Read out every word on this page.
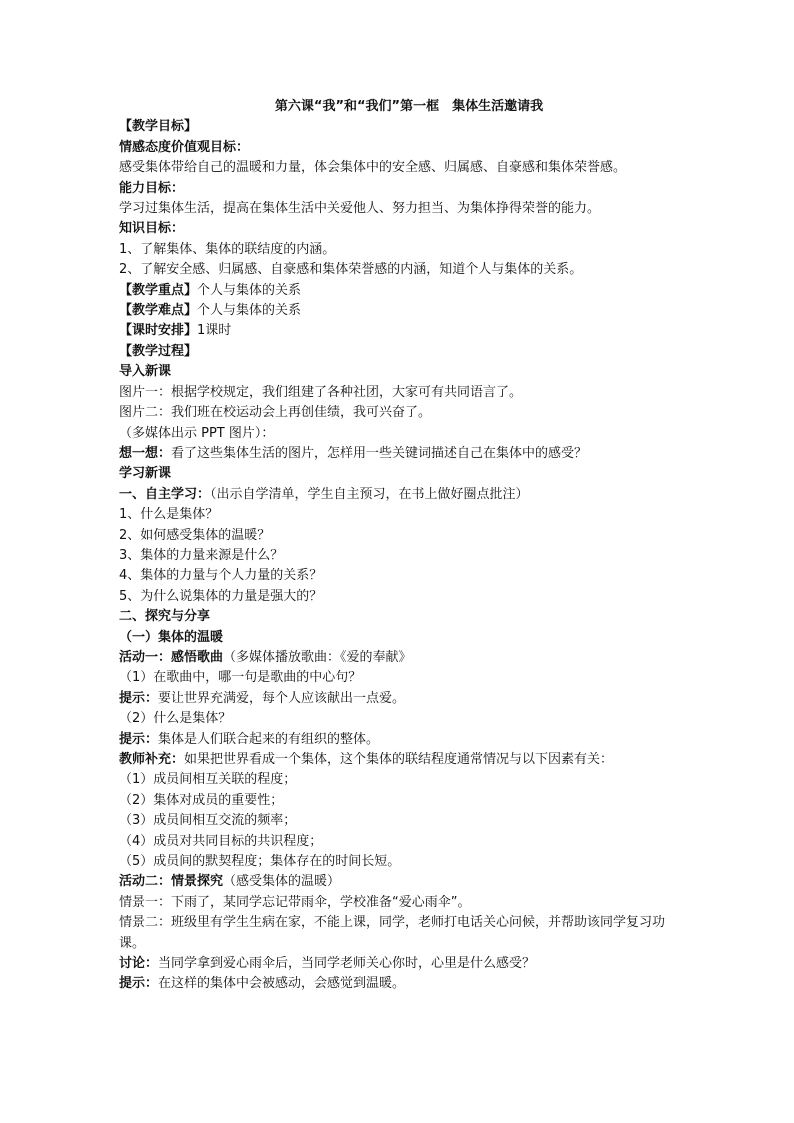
第六课“我”和“我们”第一框　集体生活邀请我
【教学目标】
情感态度价值观目标：
感受集体带给自己的温暖和力量，体会集体中的安全感、归属感、自豪感和集体荣誉感。
能力目标：
学习过集体生活，提高在集体生活中关爱他人、努力担当、为集体挣得荣誉的能力。
知识目标：
1、了解集体、集体的联结度的内涵。
2、了解安全感、归属感、自豪感和集体荣誉感的内涵，知道个人与集体的关系。
【教学重点】个人与集体的关系
【教学难点】个人与集体的关系
【课时安排】1课时
【教学过程】
导入新课
图片一：根据学校规定，我们组建了各种社团，大家可有共同语言了。
图片二：我们班在校运动会上再创佳绩，我可兴奋了。
（多媒体出示 PPT 图片）：
想一想：看了这些集体生活的图片，怎样用一些关键词描述自己在集体中的感受？
学习新课
一、自主学习：（出示自学清单，学生自主预习，在书上做好圈点批注）
1、什么是集体？
2、如何感受集体的温暖？
3、集体的力量来源是什么？
4、集体的力量与个人力量的关系？
5、为什么说集体的力量是强大的？
二、探究与分享
（一）集体的温暖
活动一：感悟歌曲（多媒体播放歌曲：《爱的奉献》
（1）在歌曲中，哪一句是歌曲的中心句？
提示：要让世界充满爱，每个人应该献出一点爱。
（2）什么是集体？
提示：集体是人们联合起来的有组织的整体。
教师补充：如果把世界看成一个集体，这个集体的联结程度通常情况与以下因素有关：
（1）成员间相互关联的程度；
（2）集体对成员的重要性；
（3）成员间相互交流的频率；
（4）成员对共同目标的共识程度；
（5）成员间的默契程度；集体存在的时间长短。
活动二：情景探究（感受集体的温暖）
情景一：下雨了，某同学忘记带雨伞，学校准备“爱心雨伞”。
情景二：班级里有学生生病在家，不能上课，同学，老师打电话关心问候，并帮助该同学复习功课。
讨论：当同学拿到爱心雨伞后，当同学老师关心你时，心里是什么感受？
提示：在这样的集体中会被感动，会感觉到温暖。
